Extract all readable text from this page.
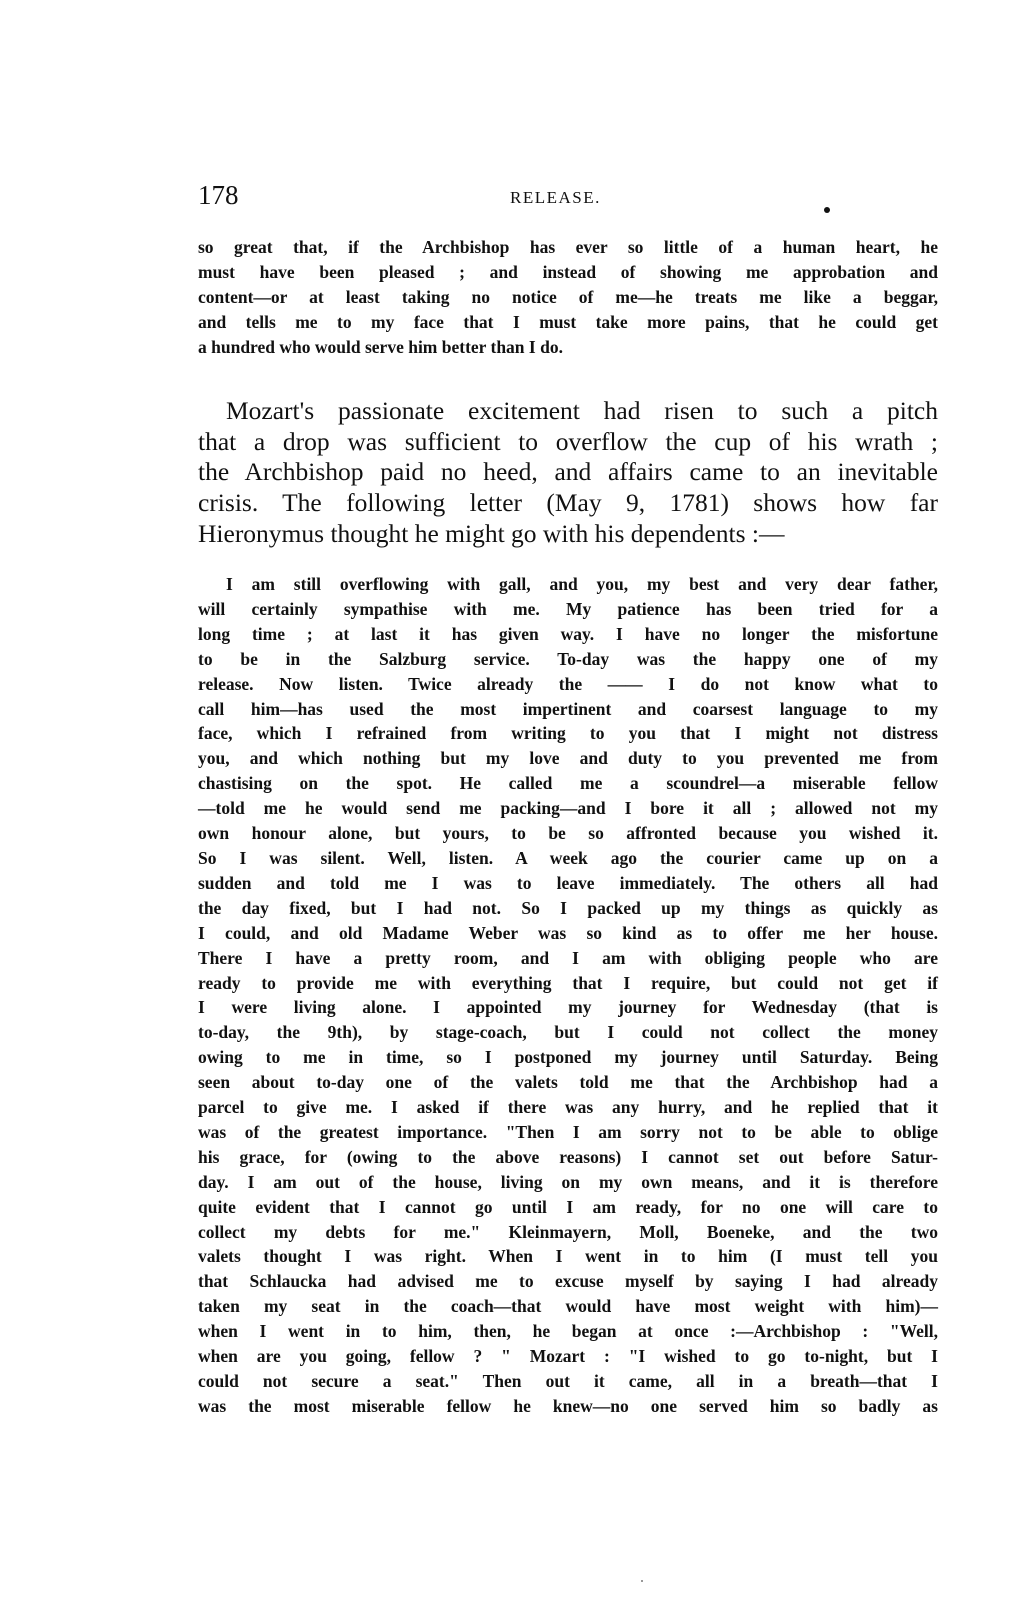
178	RELEASE.
so great that, if the Archbishop has ever so little of a human heart, he
must have been pleased ; and instead of showing me approbation and
content—or at least taking no notice of me—he treats me like a beggar,
and tells me to my face that I must take more pains, that he could get
a hundred who would serve him better than I do.
Mozart's passionate excitement had risen to such a pitch
that a drop was sufficient to overflow the cup of his wrath ;
the Archbishop paid no heed, and affairs came to an inevitable
crisis. The following letter (May 9, 1781) shows how far
Hieronymus thought he might go with his dependents :—
I am still overflowing with gall, and you, my best and very dear father,
will certainly sympathise with me. My patience has been tried for a
long time ; at last it has given way. I have no longer the misfortune
to be in the Salzburg service. To-day was the happy one of my
release. Now listen. Twice already the —— I do not know what to
call him—has used the most impertinent and coarsest language to my
face, which I refrained from writing to you that I might not distress
you, and which nothing but my love and duty to you prevented me from
chastising on the spot. He called me a scoundrel—a miserable fellow
—told me he would send me packing—and I bore it all ; allowed not my
own honour alone, but yours, to be so affronted because you wished it.
So I was silent. Well, listen. A week ago the courier came up on a
sudden and told me I was to leave immediately. The others all had
the day fixed, but I had not. So I packed up my things as quickly as
I could, and old Madame Weber was so kind as to offer me her house.
There I have a pretty room, and I am with obliging people who are
ready to provide me with everything that I require, but could not get if
I were living alone. I appointed my journey for Wednesday (that is
to-day, the 9th), by stage-coach, but I could not collect the money
owing to me in time, so I postponed my journey until Saturday. Being
seen about to-day one of the valets told me that the Archbishop had a
parcel to give me. I asked if there was any hurry, and he replied that it
was of the greatest importance. "Then I am sorry not to be able to oblige
his grace, for (owing to the above reasons) I cannot set out before Satur-
day. I am out of the house, living on my own means, and it is therefore
quite evident that I cannot go until I am ready, for no one will care to
collect my debts for me." Kleinmayern, Moll, Boeneke, and the two
valets thought I was right. When I went in to him (I must tell you
that Schlaucka had advised me to excuse myself by saying I had already
taken my seat in the coach—that would have most weight with him)—
when I went in to him, then, he began at once :—Archbishop : "Well,
when are you going, fellow ? " Mozart : "I wished to go to-night, but I
could not secure a seat." Then out it came, all in a breath—that I
was the most miserable fellow he knew—no one served him so badly as
